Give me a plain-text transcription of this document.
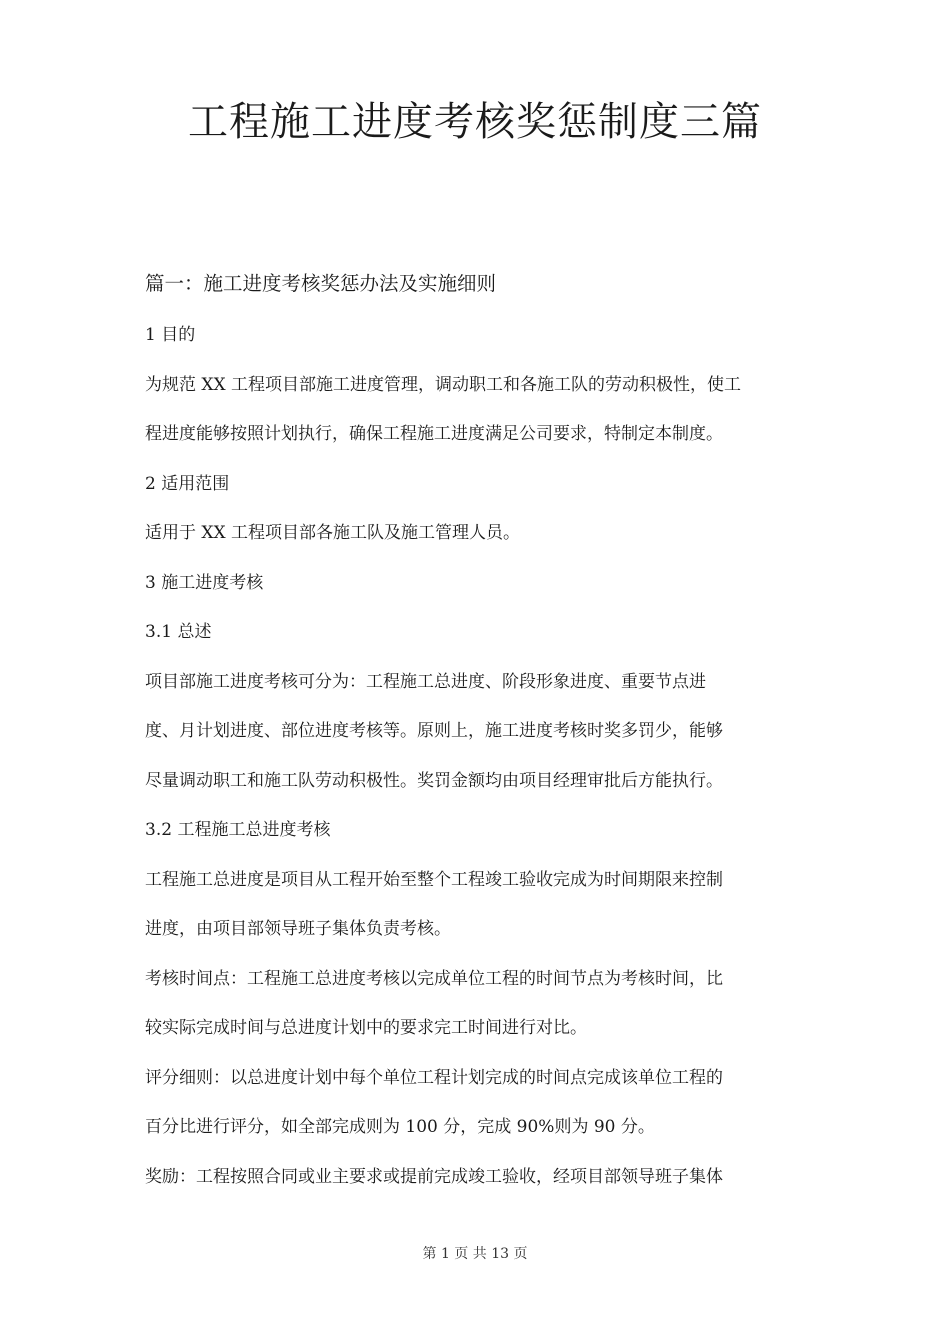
工程施工进度考核奖惩制度三篇
篇一：施工进度考核奖惩办法及实施细则
1 目的
为规范 XX 工程项目部施工进度管理，调动职工和各施工队的劳动积极性，使工
程进度能够按照计划执行，确保工程施工进度满足公司要求，特制定本制度。
2 适用范围
适用于 XX 工程项目部各施工队及施工管理人员。
3 施工进度考核
3.1 总述
项目部施工进度考核可分为：工程施工总进度、阶段形象进度、重要节点进
度、月计划进度、部位进度考核等。原则上，施工进度考核时奖多罚少，能够
尽量调动职工和施工队劳动积极性。奖罚金额均由项目经理审批后方能执行。
3.2 工程施工总进度考核
工程施工总进度是项目从工程开始至整个工程竣工验收完成为时间期限来控制
进度，由项目部领导班子集体负责考核。
考核时间点：工程施工总进度考核以完成单位工程的时间节点为考核时间，比
较实际完成时间与总进度计划中的要求完工时间进行对比。
评分细则：以总进度计划中每个单位工程计划完成的时间点完成该单位工程的
百分比进行评分，如全部完成则为 100 分，完成 90%则为 90 分。
奖励：工程按照合同或业主要求或提前完成竣工验收，经项目部领导班子集体
第 1 页 共 13 页
